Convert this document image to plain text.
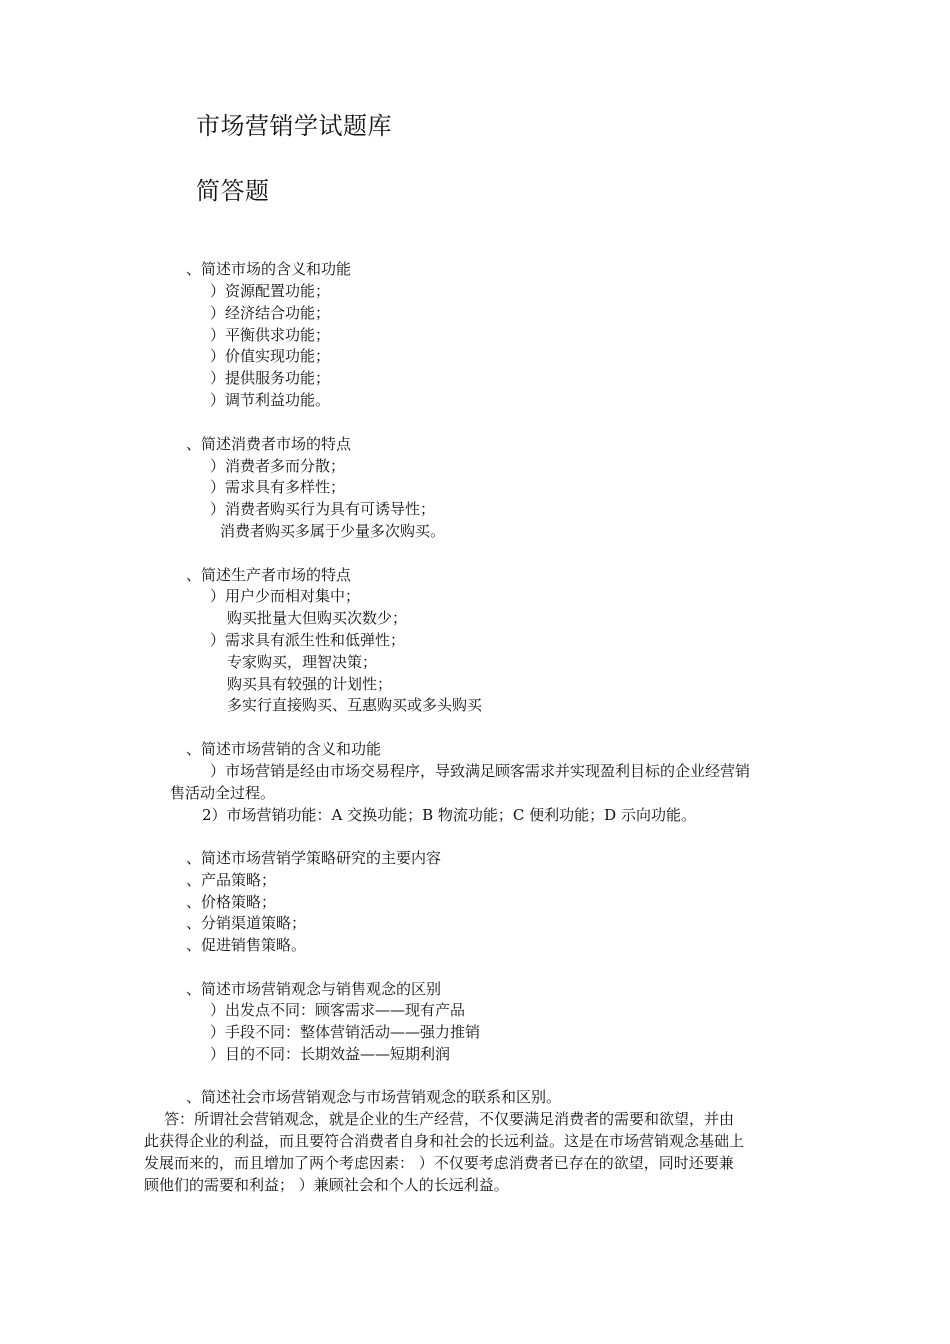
市场营销学试题库
简答题
、简述市场的含义和功能
）资源配置功能；
）经济结合功能；
）平衡供求功能；
）价值实现功能；
）提供服务功能；
）调节利益功能。
、简述消费者市场的特点
）消费者多而分散；
）需求具有多样性；
）消费者购买行为具有可诱导性；
消费者购买多属于少量多次购买。
、简述生产者市场的特点
）用户少而相对集中；
购买批量大但购买次数少；
）需求具有派生性和低弹性；
专家购买，理智决策；
购买具有较强的计划性；
多实行直接购买、互惠购买或多头购买
、简述市场营销的含义和功能
）市场营销是经由市场交易程序，导致满足顾客需求并实现盈利目标的企业经营销
售活动全过程。
2）市场营销功能：A 交换功能；B 物流功能；C 便利功能；D 示向功能。
、简述市场营销学策略研究的主要内容
、产品策略；
、价格策略；
、分销渠道策略；
、促进销售策略。
、简述市场营销观念与销售观念的区别
）出发点不同：顾客需求——现有产品
）手段不同：整体营销活动——强力推销
）目的不同：长期效益——短期利润
、简述社会市场营销观念与市场营销观念的联系和区别。
答：所谓社会营销观念，就是企业的生产经营，不仅要满足消费者的需要和欲望，并由
此获得企业的利益，而且要符合消费者自身和社会的长远利益。这是在市场营销观念基础上
发展而来的，而且增加了两个考虑因素： ）不仅要考虑消费者已存在的欲望，同时还要兼
顾他们的需要和利益； ）兼顾社会和个人的长远利益。
